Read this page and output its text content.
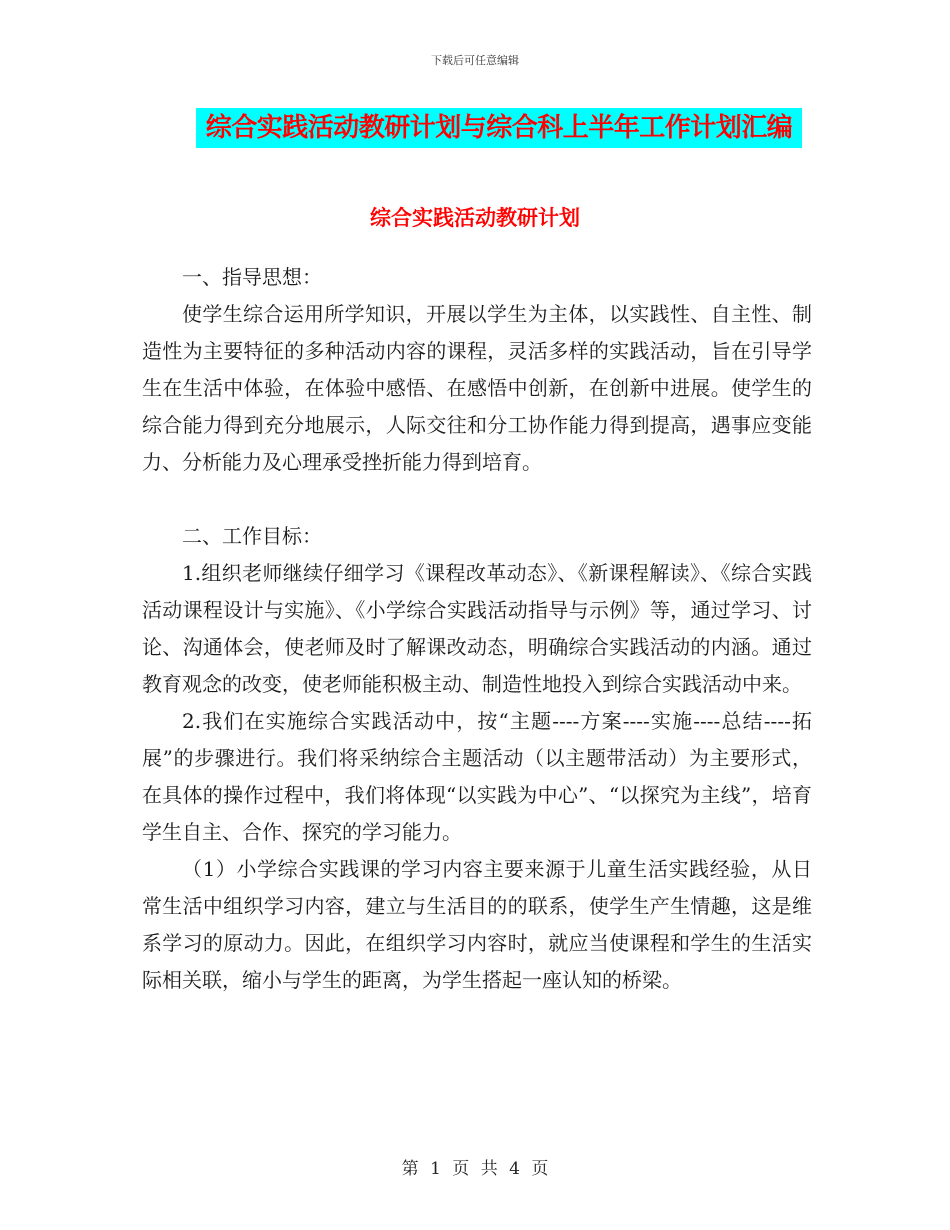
下载后可任意编辑
综合实践活动教研计划与综合科上半年工作计划汇编
综合实践活动教研计划

一、指导思想：

使学生综合运用所学知识，开展以学生为主体，以实践性、自主性、制造性为主要特征的多种活动内容的课程，灵活多样的实践活动，旨在引导学生在生活中体验，在体验中感悟、在感悟中创新，在创新中进展。使学生的综合能力得到充分地展示，人际交往和分工协作能力得到提高，遇事应变能力、分析能力及心理承受挫折能力得到培育。

二、工作目标：

1.组织老师继续仔细学习《课程改革动态》、《新课程解读》、《综合实践活动课程设计与实施》、《小学综合实践活动指导与示例》等，通过学习、讨论、沟通体会，使老师及时了解课改动态，明确综合实践活动的内涵。通过教育观念的改变，使老师能积极主动、制造性地投入到综合实践活动中来。

2.我们在实施综合实践活动中，按“主题----方案----实施----总结----拓展”的步骤进行。我们将采纳综合主题活动（以主题带活动）为主要形式，在具体的操作过程中，我们将体现“以实践为中心”、“以探究为主线”，培育学生自主、合作、探究的学习能力。

（1）小学综合实践课的学习内容主要来源于儿童生活实践经验，从日常生活中组织学习内容，建立与生活目的的联系，使学生产生情趣，这是维系学习的原动力。因此，在组织学习内容时，就应当使课程和学生的生活实际相关联，缩小与学生的距离，为学生搭起一座认知的桥梁。

第 1 页 共 4 页
